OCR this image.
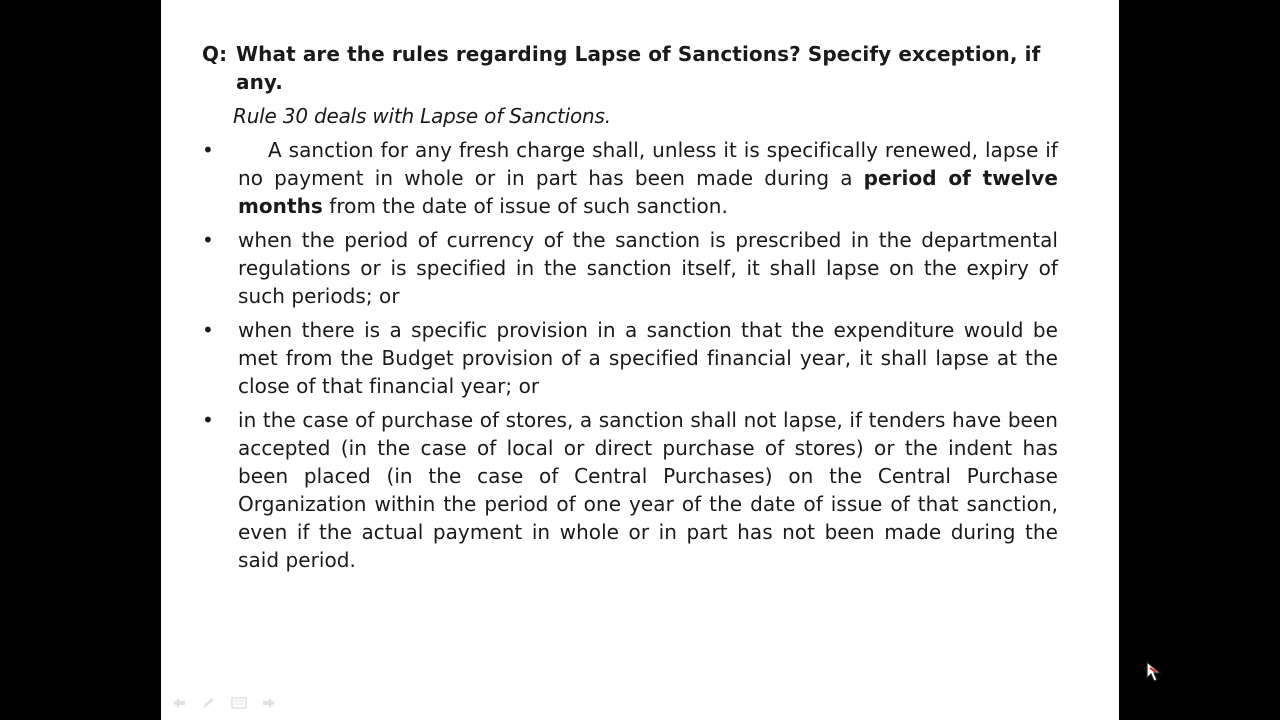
Q: What are the rules regarding Lapse of Sanctions? Specify exception, if any.
Rule 30 deals with Lapse of Sanctions.
•	A sanction for any fresh charge shall, unless it is specifically renewed, lapse if no payment in whole or in part has been made during a period of twelve months from the date of issue of such sanction.
•	when the period of currency of the sanction is prescribed in the departmental regulations or is specified in the sanction itself, it shall lapse on the expiry of such periods; or
•	when there is a specific provision in a sanction that the expenditure would be met from the Budget provision of a specified financial year, it shall lapse at the close of that financial year; or
•	in the case of purchase of stores, a sanction shall not lapse, if tenders have been accepted (in the case of local or direct purchase of stores) or the indent has been placed (in the case of Central Purchases) on the Central Purchase Organization within the period of one year of the date of issue of that sanction, even if the actual payment in whole or in part has not been made during the said period.
